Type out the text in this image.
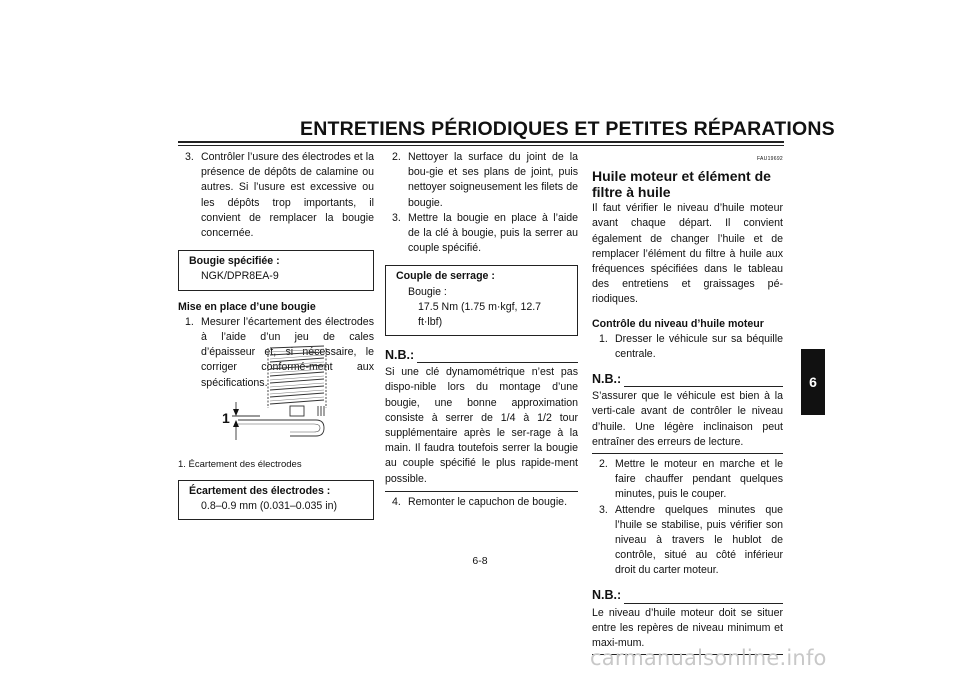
ENTRETIENS PÉRIODIQUES ET PETITES RÉPARATIONS
3. Contrôler l’usure des électrodes et la présence de dépôts de calamine ou autres. Si l’usure est excessive ou les dépôts trop importants, il convient de remplacer la bougie concernée.
Bougie spécifiée :
NGK/DPR8EA-9
Mise en place d’une bougie
1. Mesurer l’écartement des électrodes à l’aide d’un jeu de cales d’épaisseur et, si nécessaire, le corriger conformé-ment aux spécifications.
1
1. Écartement des électrodes
Écartement des électrodes :
0.8–0.9 mm (0.031–0.035 in)
2. Nettoyer la surface du joint de la bou-gie et ses plans de joint, puis nettoyer soigneusement les filets de bougie.
3. Mettre la bougie en place à l’aide de la clé à bougie, puis la serrer au couple spécifié.
Couple de serrage :
Bougie :
17.5 Nm (1.75 m·kgf, 12.7 ft·lbf)
N.B.:

Si une clé dynamométrique n’est pas dispo-nible lors du montage d’une bougie, une bonne approximation consiste à serrer de 1/4 à 1/2 tour supplémentaire après le ser-rage à la main. Il faudra toutefois serrer la bougie au couple spécifié le plus rapide-ment possible.

4. Remonter le capuchon de bougie.
FAU19692
Huile moteur et élément de filtre à huile

Il faut vérifier le niveau d’huile moteur avant chaque départ. Il convient également de changer l’huile et de remplacer l’élément du filtre à huile aux fréquences spécifiées dans le tableau des entretiens et graissages pé-riodiques.

Contrôle du niveau d’huile moteur
1. Dresser le véhicule sur sa béquille centrale.
N.B.:

S’assurer que le véhicule est bien à la verti-cale avant de contrôler le niveau d’huile. Une légère inclinaison peut entraîner des erreurs de lecture.

2. Mettre le moteur en marche et le faire chauffer pendant quelques minutes, puis le couper.
3. Attendre quelques minutes que l’huile se stabilise, puis vérifier son niveau à travers le hublot de contrôle, situé au côté inférieur droit du carter moteur.
N.B.:

Le niveau d’huile moteur doit se situer entre les repères de niveau minimum et maxi-mum.

6
6-8
carmanualsonline.info
